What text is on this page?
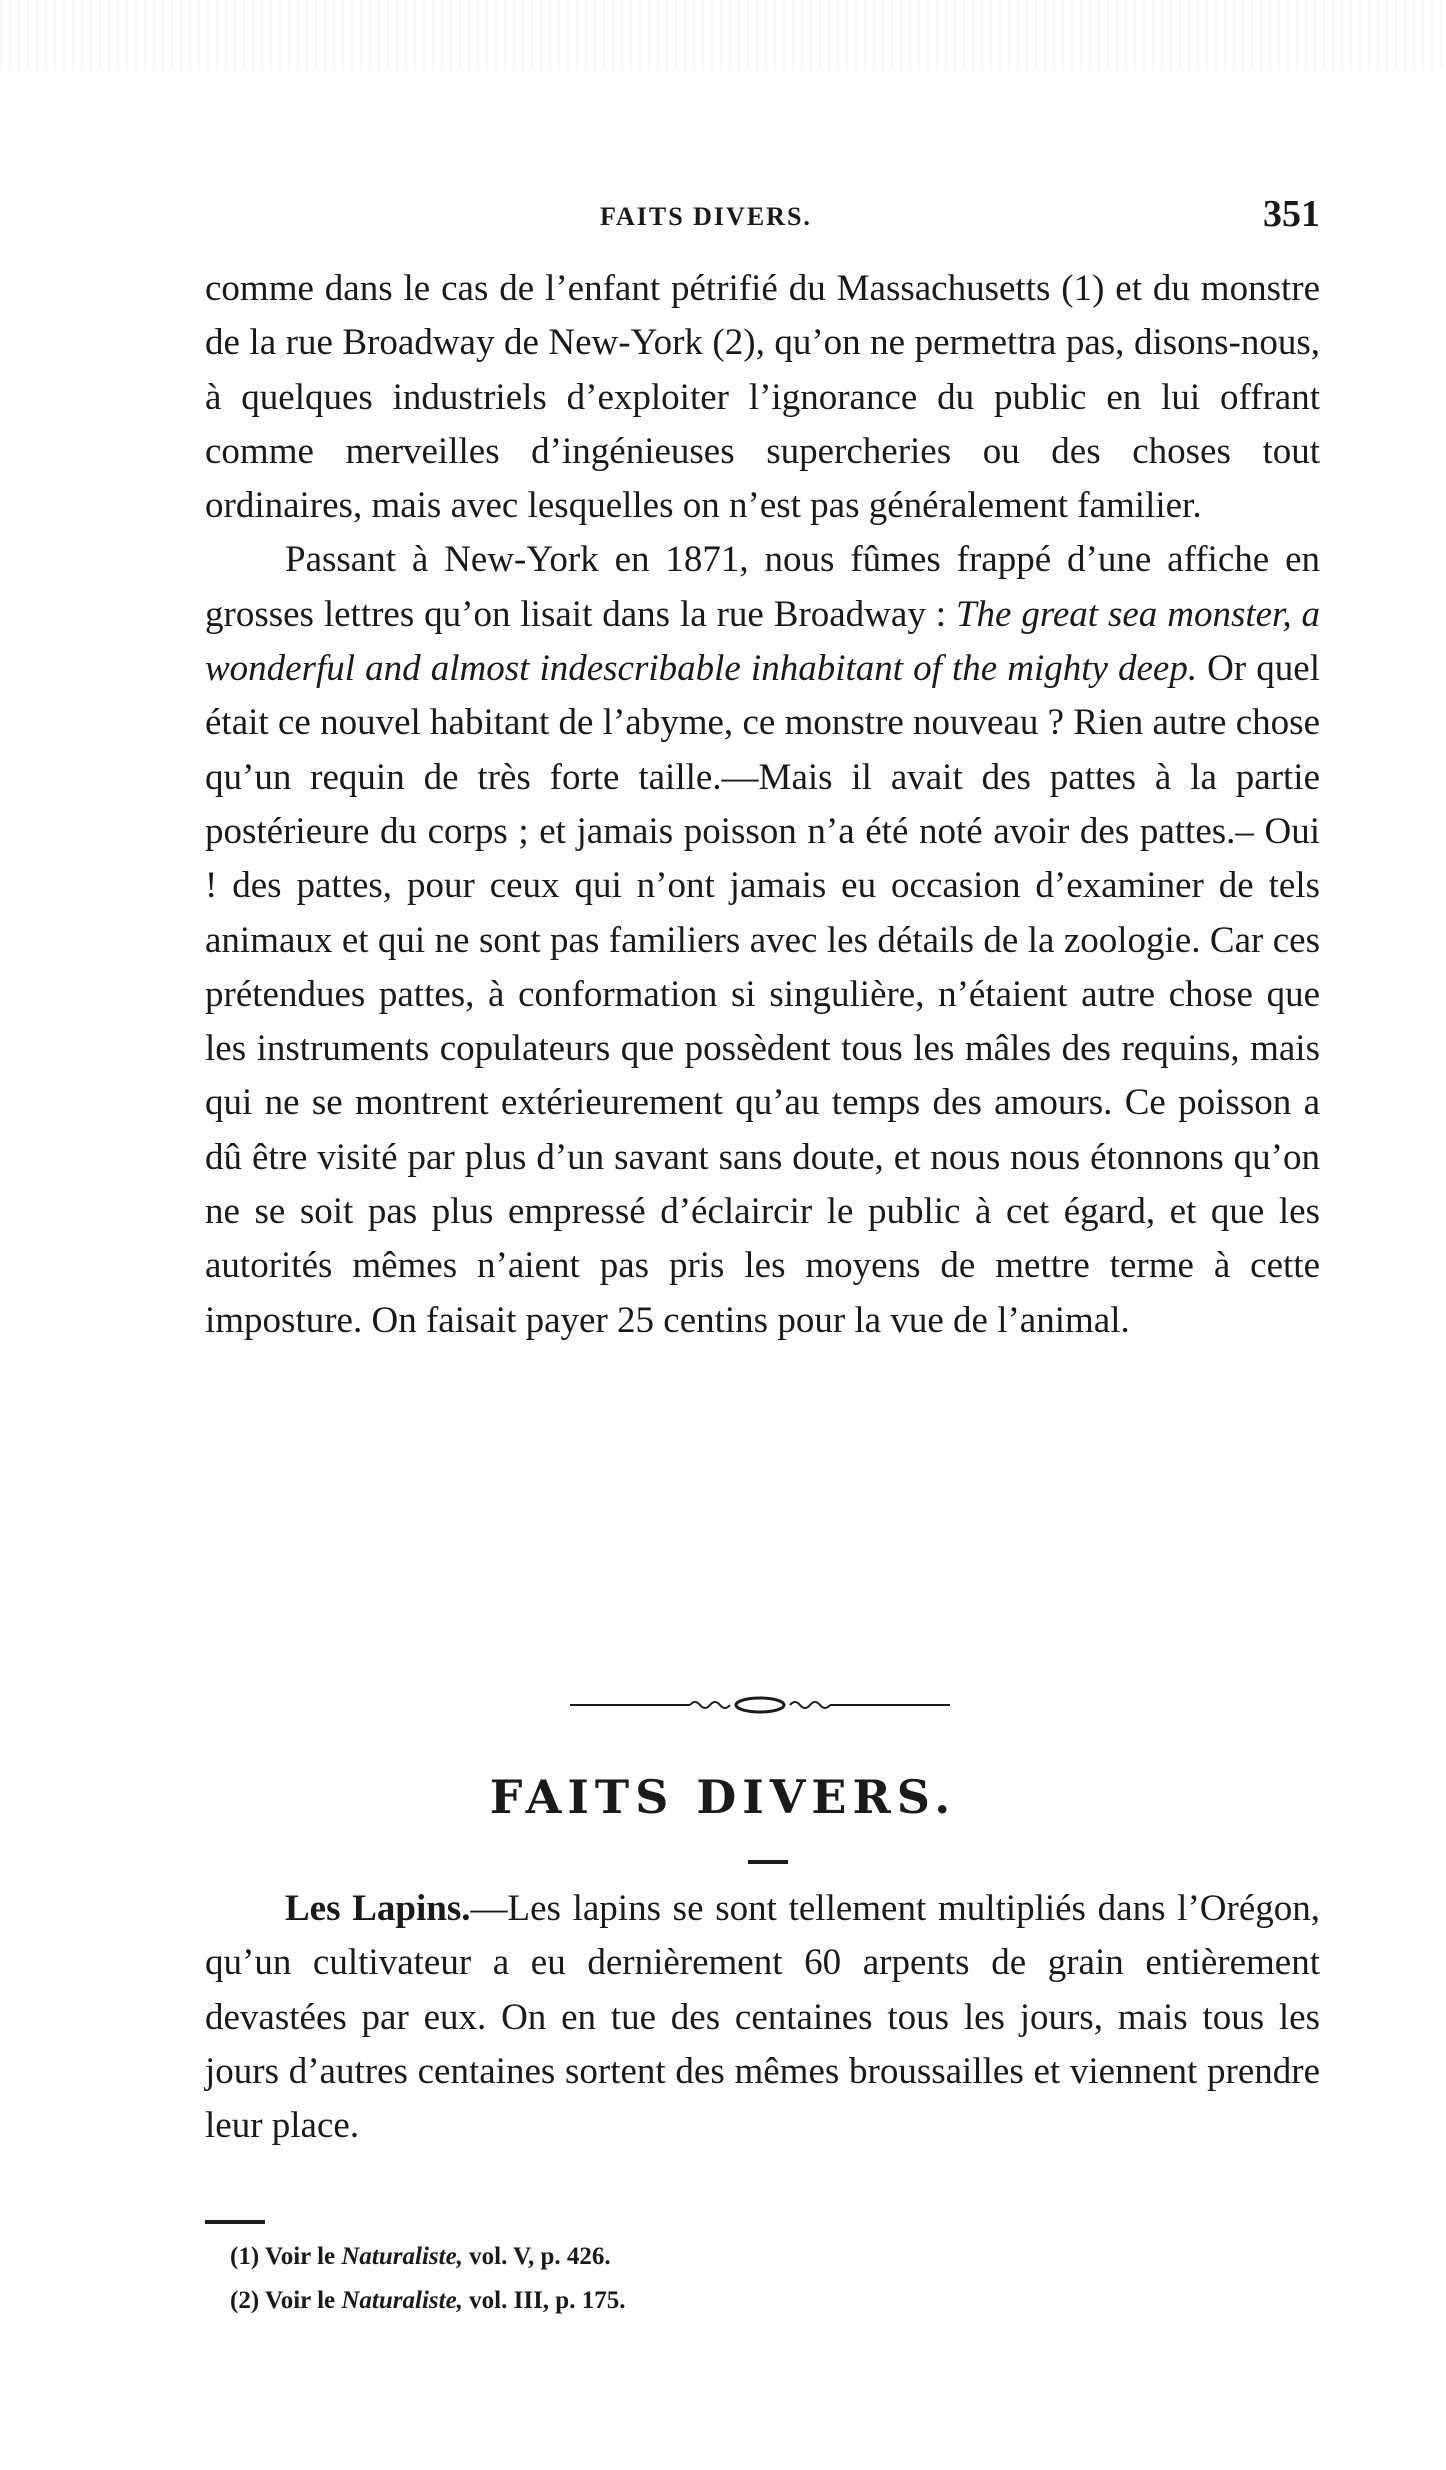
FAITS DIVERS.	351

comme dans le cas de l’enfant pétrifié du Massachusetts (1) et du monstre de la rue Broadway de New-York (2), qu’on ne permettra pas, disons-nous, à quelques industriels d’exploiter l’ignorance du public en lui offrant comme merveilles d’ingénieuses supercheries ou des choses tout ordinaires, mais avec lesquelles on n’est pas généralement familier.

Passant à New-York en 1871, nous fûmes frappé d’une affiche en grosses lettres qu’on lisait dans la rue Broadway : The great sea monster, a wonderful and almost indescribable inhabitant of the mighty deep. Or quel était ce nouvel habitant de l’abyme, ce monstre nouveau ? Rien autre chose qu’un requin de très forte taille.—Mais il avait des pattes à la partie postérieure du corps ; et jamais poisson n’a été noté avoir des pattes.– Oui ! des pattes, pour ceux qui n’ont jamais eu occasion d’examiner de tels animaux et qui ne sont pas familiers avec les détails de la zoologie. Car ces prétendues pattes, à conformation si singulière, n’étaient autre chose que les instruments copulateurs que possèdent tous les mâles des requins, mais qui ne se montrent extérieurement qu’au temps des amours. Ce poisson a dû être visité par plus d’un savant sans doute, et nous nous étonnons qu’on ne se soit pas plus empressé d’éclaircir le public à cet égard, et que les autorités mêmes n’aient pas pris les moyens de mettre terme à cette imposture. On faisait payer 25 centins pour la vue de l’animal.

FAITS DIVERS.

Les Lapins.—Les lapins se sont tellement multipliés dans l’Orégon, qu’un cultivateur a eu dernièrement 60 arpents de grain entièrement devastées par eux. On en tue des centaines tous les jours, mais tous les jours d’autres centaines sortent des mêmes broussailles et viennent prendre leur place.

(1) Voir le Naturaliste, vol. V, p. 426.
(2) Voir le Naturaliste, vol. III, p. 175.
